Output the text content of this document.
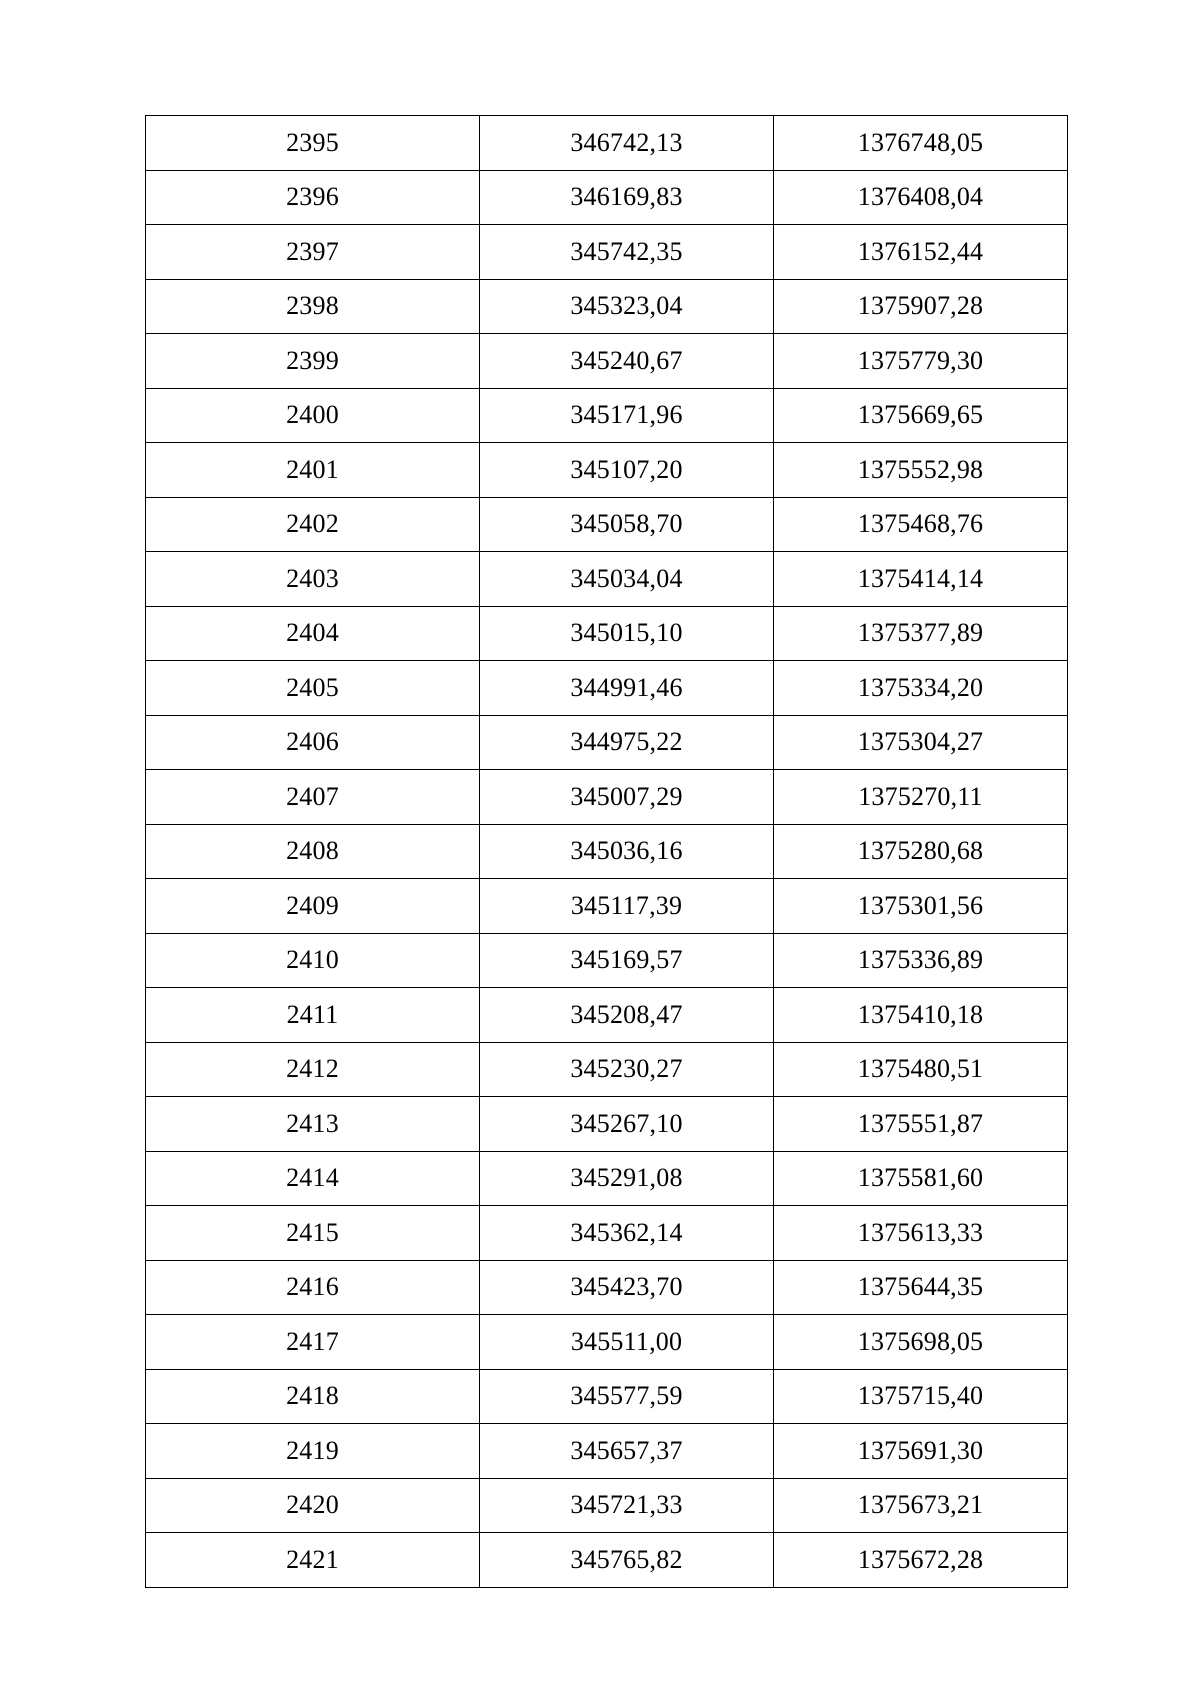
2395	346742,13	1376748,05
2396	346169,83	1376408,04
2397	345742,35	1376152,44
2398	345323,04	1375907,28
2399	345240,67	1375779,30
2400	345171,96	1375669,65
2401	345107,20	1375552,98
2402	345058,70	1375468,76
2403	345034,04	1375414,14
2404	345015,10	1375377,89
2405	344991,46	1375334,20
2406	344975,22	1375304,27
2407	345007,29	1375270,11
2408	345036,16	1375280,68
2409	345117,39	1375301,56
2410	345169,57	1375336,89
2411	345208,47	1375410,18
2412	345230,27	1375480,51
2413	345267,10	1375551,87
2414	345291,08	1375581,60
2415	345362,14	1375613,33
2416	345423,70	1375644,35
2417	345511,00	1375698,05
2418	345577,59	1375715,40
2419	345657,37	1375691,30
2420	345721,33	1375673,21
2421	345765,82	1375672,28
